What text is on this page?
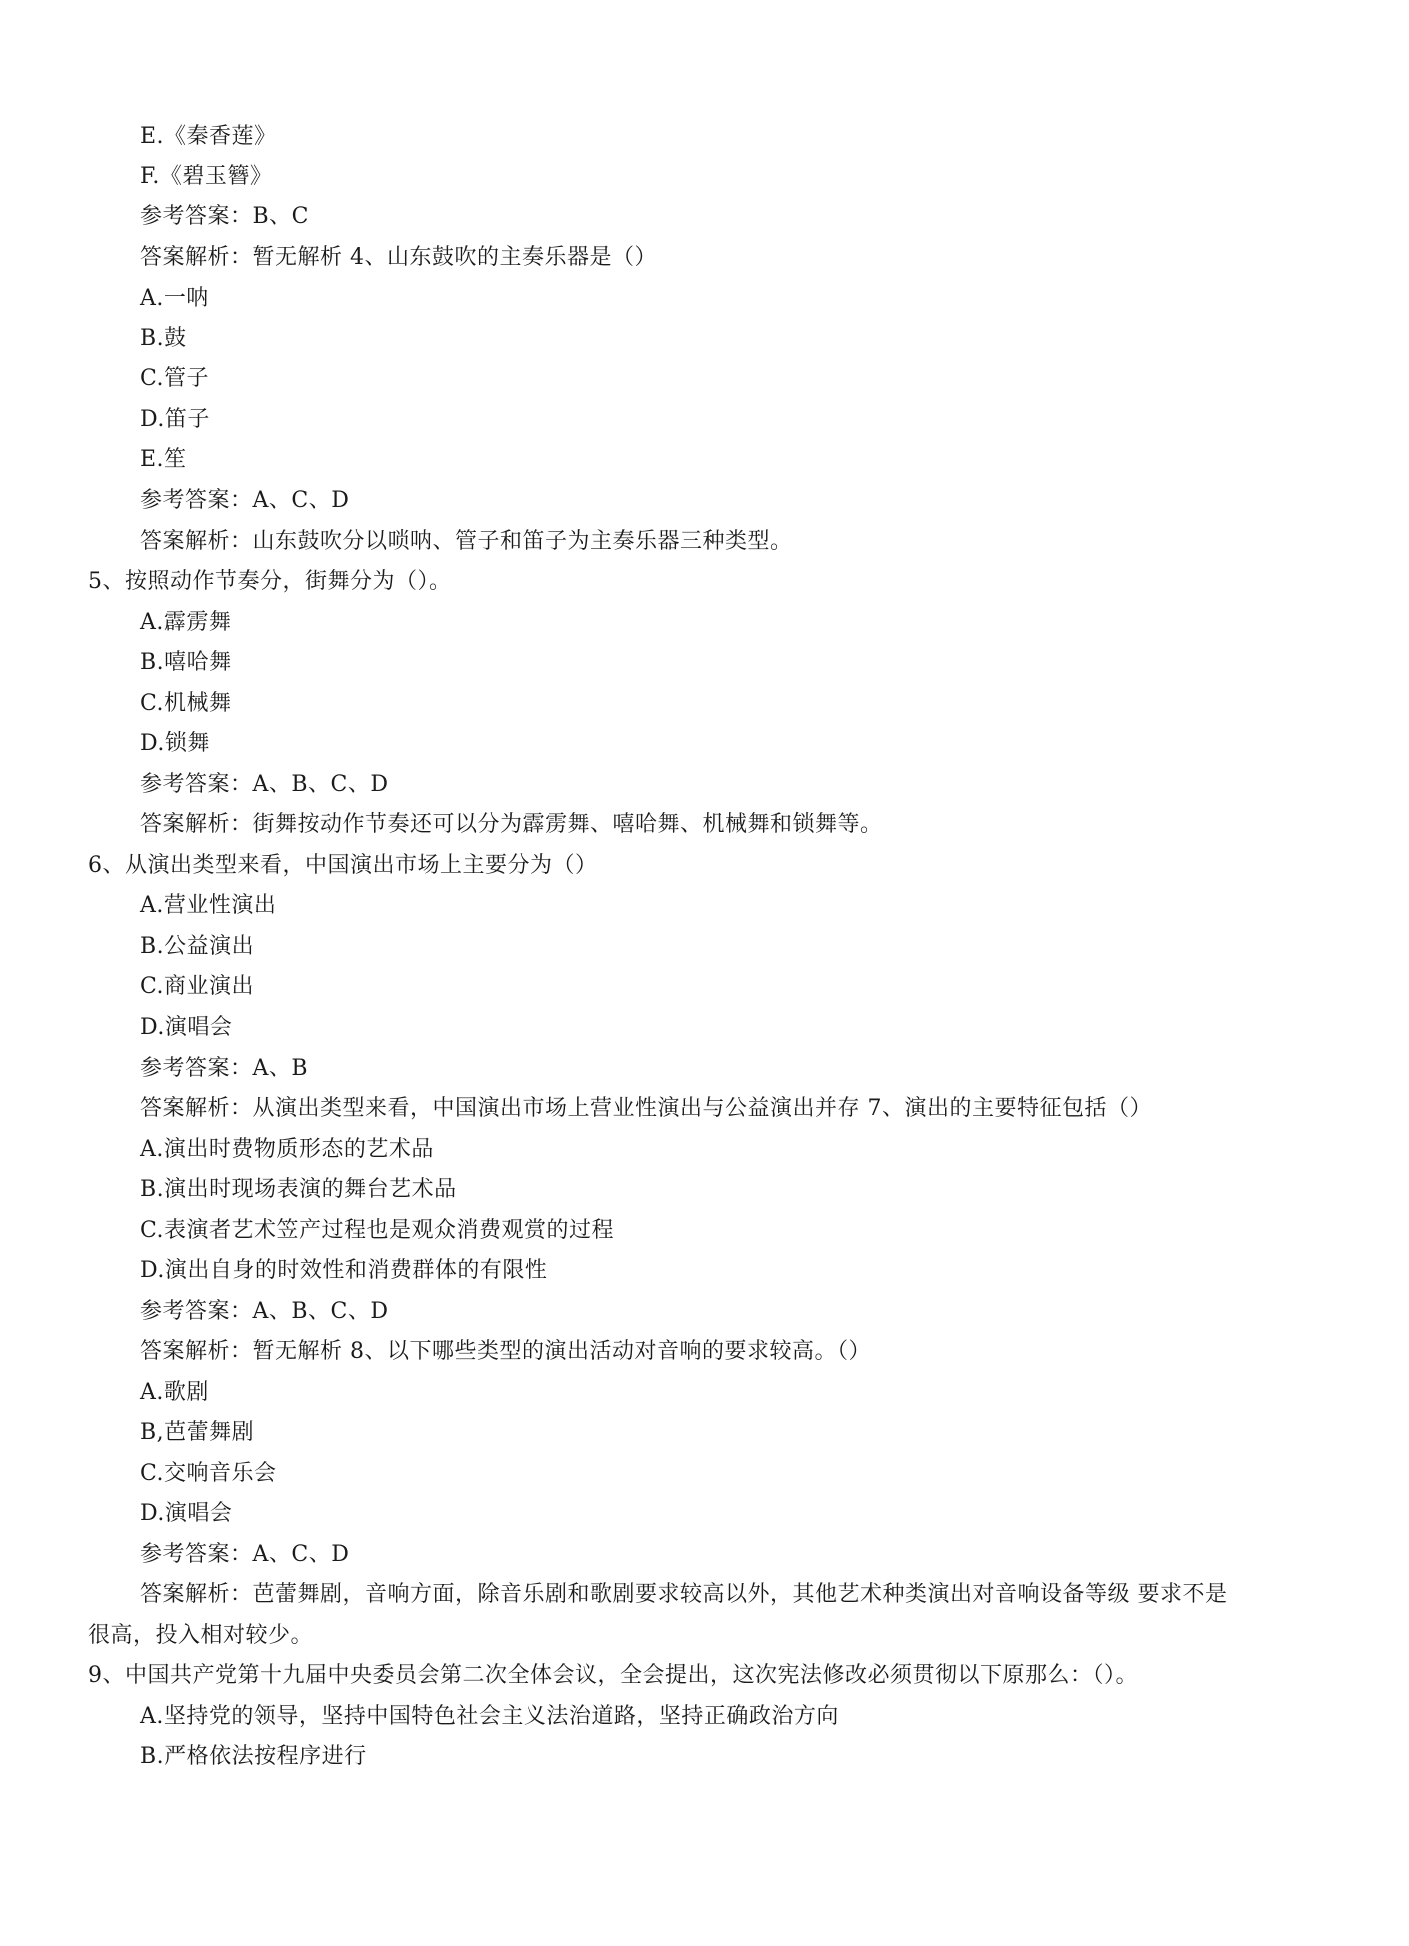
E.《秦香莲》
F.《碧玉簪》
参考答案：B、C
答案解析：暂无解析 4、山东鼓吹的主奏乐器是（）
A.一呐
B.鼓
C.管子
D.笛子
E.笙
参考答案：A、C、D
答案解析：山东鼓吹分以唢呐、管子和笛子为主奏乐器三种类型。
5、按照动作节奏分，街舞分为（）。
A.霹雳舞
B.嘻哈舞
C.机械舞
D.锁舞
参考答案：A、B、C、D
答案解析：街舞按动作节奏还可以分为霹雳舞、嘻哈舞、机械舞和锁舞等。
6、从演出类型来看，中国演出市场上主要分为（）
A.营业性演出
B.公益演出
C.商业演出
D.演唱会
参考答案：A、B
答案解析：从演出类型来看，中国演出市场上营业性演出与公益演出并存 7、演出的主要特征包括（）
A.演出时费物质形态的艺术品
B.演出时现场表演的舞台艺术品
C.表演者艺术笠产过程也是观众消费观赏的过程
D.演出自身的时效性和消费群体的有限性
参考答案：A、B、C、D
答案解析：暂无解析 8、以下哪些类型的演出活动对音响的要求较高。（）
A.歌剧
B,芭蕾舞剧
C.交响音乐会
D.演唱会
参考答案：A、C、D
答案解析：芭蕾舞剧，音响方面，除音乐剧和歌剧要求较高以外，其他艺术种类演出对音响设备等级 要求不是
很高，投入相对较少。
9、中国共产党第十九届中央委员会第二次全体会议，全会提出，这次宪法修改必须贯彻以下原那么：（）。
A.坚持党的领导，坚持中国特色社会主义法治道路，坚持正确政治方向
B.严格依法按程序进行
